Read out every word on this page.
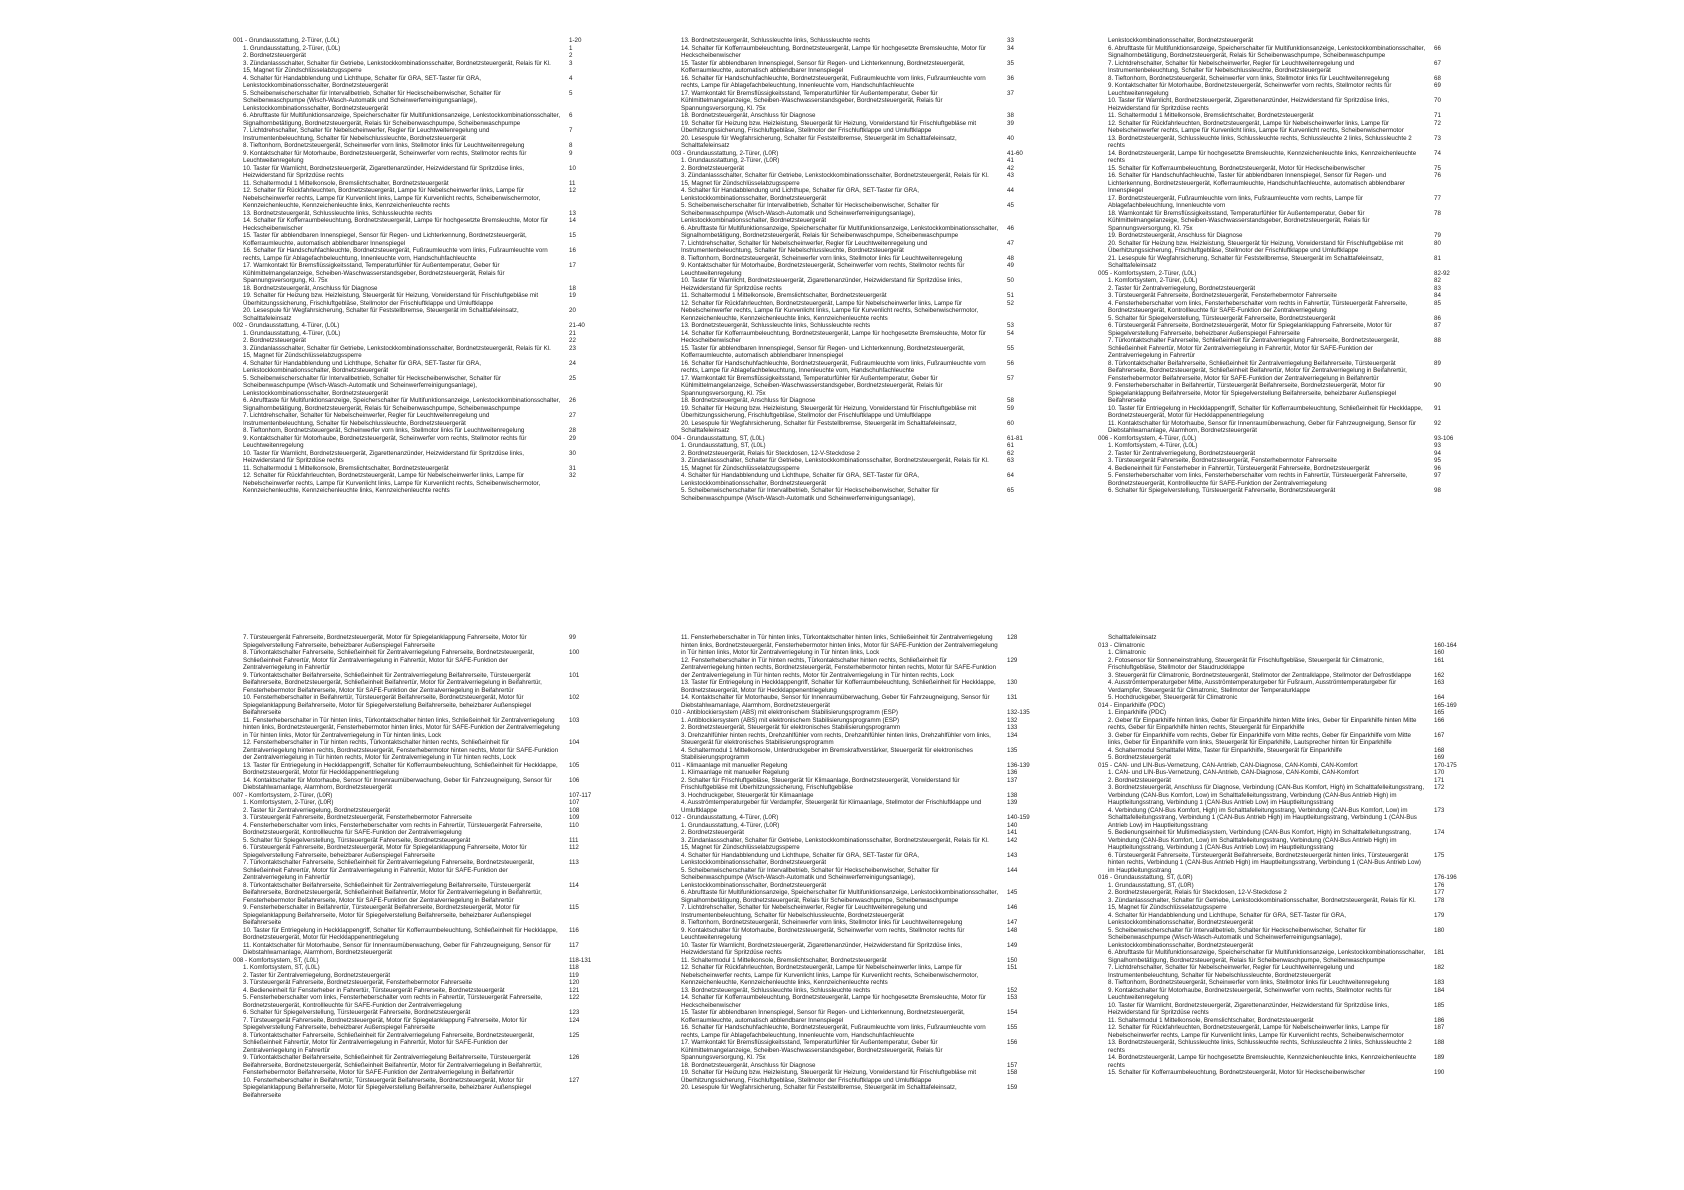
001 - Grundausstattung, 2-Türer, (L0L)	1-20
1. Grundausstattung, 2-Türer, (L0L)	1
2. Bordnetzsteuergerät	2
3. Zündanlassschalter, Schalter für Getriebe, Lenkstockkombinationsschalter, Bordnetzsteuergerät, Relais für Kl. 15, Magnet für Zündschlüsselabzugssperre
3
4. Schalter für Handabblendung und Lichthupe, Schalter für GRA, SET-Taster für GRA, Lenkstockkombinationsschalter, Bordnetzsteuergerät
4
5. Scheibenwischerschalter für Intervallbetrieb, Schalter für Heckscheibenwischer, Schalter für Scheibenwaschpumpe (Wisch-Wasch-Automatik und Scheinwerferreinigungsanlage), Lenkstockkombinationsschalter, Bordnetzsteuergerät
5
6. Abrufttaste für Multifunktionsanzeige, Speicherschalter für Multifunktionsanzeige, Lenkstockkombinationsschalter, Signalhornbetätigung, Bordnetzsteuergerät, Relais für Scheibenwaschpumpe, Scheibenwaschpumpe
6
7. Lichtdrehschalter, Schalter für Nebelscheinwerfer, Regler für Leuchtweitenregelung und Instrumentenbeleuchtung, Schalter für Nebelschlussleuchte, Bordnetzsteuergerät
7
8. Tieftonhorn, Bordnetzsteuergerät, Scheinwerfer vorn links, Stellmotor links für Leuchtweitenregelung	8
9. Kontaktschalter für Motorhaube, Bordnetzsteuergerät, Scheinwerfer vorn rechts, Stellmotor rechts für Leuchtweitenregelung
9
10. Taster für Warnlicht, Bordnetzsteuergerät, Zigarettenanzünder, Heizwiderstand für Spritzdüse links, Heizwiderstand für Spritzdüse rechts
10
11. Schaltermodul 1 Mittelkonsole, Bremslichtschalter, Bordnetzsteuergerät	11
12. Schalter für Rückfahrleuchten, Bordnetzsteuergerät, Lampe für Nebelscheinwerfer links, Lampe für Nebelscheinwerfer rechts, Lampe für Kurvenlicht links, Lampe für Kurvenlicht rechts, Scheibenwischermotor, Kennzeichenleuchte, Kennzeichenleuchte links, Kennzeichenleuchte rechts
12
13. Bordnetzsteuergerät, Schlussleuchte links, Schlussleuchte rechts	13
14. Schalter für Kofferraumbeleuchtung, Bordnetzsteuergerät, Lampe für hochgesetzte Bremsleuchte, Motor für Heckscheibenwischer
14
15. Taster für abblendbaren Innenspiegel, Sensor für Regen- und Lichterkennung, Bordnetzsteuergerät, Kofferraumleuchte, automatisch abblendbarer Innenspiegel
15
16. Schalter für Handschuhfachleuchte, Bordnetzsteuergerät, Fußraumleuchte vorn links, Fußraumleuchte vorn rechts, Lampe für Ablagefachbeleuchtung, Innenleuchte vorn, Handschuhfachleuchte
16
17. Warnkontakt für Bremsflüssigkeitsstand, Temperaturfühler für Außentemperatur, Geber für Kühlmittelmangelanzeige, Scheiben-Waschwasserstandsgeber, Bordnetzsteuergerät, Relais für Spannungsversorgung, Kl. 75x
17
18. Bordnetzsteuergerät, Anschluss für Diagnose	18
19. Schalter für Heizung bzw. Heizleistung, Steuergerät für Heizung, Vorwiderstand für Frischluftgebläse mit Überhitzungssicherung, Frischluftgebläse, Stellmotor der Frischluftklappe und Umluftklappe
19
20. Lesespule für Wegfahrsicherung, Schalter für Feststellbremse, Steuergerät im Schalttafeleinsatz, Schalttafeleinsatz
20
002 - Grundausstattung, 4-Türer, (L0L)	21-40
1. Grundausstattung, 4-Türer, (L0L)	21
2. Bordnetzsteuergerät	22
3. Zündanlassschalter, Schalter für Getriebe, Lenkstockkombinationsschalter, Bordnetzsteuergerät, Relais für Kl. 15, Magnet für Zündschlüsselabzugssperre
23
4. Schalter für Handabblendung und Lichthupe, Schalter für GRA, SET-Taster für GRA, Lenkstockkombinationsschalter, Bordnetzsteuergerät
24
5. Scheibenwischerschalter für Intervallbetrieb, Schalter für Heckscheibenwischer, Schalter für Scheibenwaschpumpe (Wisch-Wasch-Automatik und Scheinwerferreinigungsanlage), Lenkstockkombinationsschalter, Bordnetzsteuergerät
25
6. Abrufttaste für Multifunktionsanzeige, Speicherschalter für Multifunktionsanzeige, Lenkstockkombinationsschalter, Signalhornbetätigung, Bordnetzsteuergerät, Relais für Scheibenwaschpumpe, Scheibenwaschpumpe
26
7. Lichtdrehschalter, Schalter für Nebelscheinwerfer, Regler für Leuchtweitenregelung und Instrumentenbeleuchtung, Schalter für Nebelschlussleuchte, Bordnetzsteuergerät
27
8. Tieftonhorn, Bordnetzsteuergerät, Scheinwerfer vorn links, Stellmotor links für Leuchtweitenregelung	28
9. Kontaktschalter für Motorhaube, Bordnetzsteuergerät, Scheinwerfer vorn rechts, Stellmotor rechts für Leuchtweitenregelung
29
10. Taster für Warnlicht, Bordnetzsteuergerät, Zigarettenanzünder, Heizwiderstand für Spritzdüse links, Heizwiderstand für Spritzdüse rechts
30
11. Schaltermodul 1 Mittelkonsole, Bremslichtschalter, Bordnetzsteuergerät	31
12. Schalter für Rückfahrleuchten, Bordnetzsteuergerät, Lampe für Nebelscheinwerfer links, Lampe für Nebelscheinwerfer rechts, Lampe für Kurvenlicht links, Lampe für Kurvenlicht rechts, Scheibenwischermotor, Kennzeichenleuchte, Kennzeichenleuchte links, Kennzeichenleuchte rechts
32
13. Bordnetzsteuergerät, Schlussleuchte links, Schlussleuchte rechts	33
14. Schalter für Kofferraumbeleuchtung, Bordnetzsteuergerät, Lampe für hochgesetzte Bremsleuchte, Motor für Heckscheibenwischer
34
15. Taster für abblendbaren Innenspiegel, Sensor für Regen- und Lichterkennung, Bordnetzsteuergerät, Kofferraumleuchte, automatisch abblendbarer Innenspiegel
35
16. Schalter für Handschuhfachleuchte, Bordnetzsteuergerät, Fußraumleuchte vorn links, Fußraumleuchte vorn rechts, Lampe für Ablagefachbeleuchtung, Innenleuchte vorn, Handschuhfachleuchte
36
17. Warnkontakt für Bremsflüssigkeitsstand, Temperaturfühler für Außentemperatur, Geber für Kühlmittelmangelanzeige, Scheiben-Waschwasserstandsgeber, Bordnetzsteuergerät, Relais für Spannungsversorgung, Kl. 75x
37
18. Bordnetzsteuergerät, Anschluss für Diagnose	38
19. Schalter für Heizung bzw. Heizleistung, Steuergerät für Heizung, Vorwiderstand für Frischluftgebläse mit Überhitzungssicherung, Frischluftgebläse, Stellmotor der Frischluftklappe und Umluftklappe
39
20. Lesespule für Wegfahrsicherung, Schalter für Feststellbremse, Steuergerät im Schalttafeleinsatz, Schalttafeleinsatz
40
003 - Grundausstattung, 2-Türer, (L0R)	41-60
1. Grundausstattung, 2-Türer, (L0R)	41
2. Bordnetzsteuergerät	42
3. Zündanlassschalter, Schalter für Getriebe, Lenkstockkombinationsschalter, Bordnetzsteuergerät, Relais für Kl. 15, Magnet für Zündschlüsselabzugssperre
43
4. Schalter für Handabblendung und Lichthupe, Schalter für GRA, SET-Taster für GRA, Lenkstockkombinationsschalter, Bordnetzsteuergerät
44
5. Scheibenwischerschalter für Intervallbetrieb, Schalter für Heckscheibenwischer, Schalter für Scheibenwaschpumpe (Wisch-Wasch-Automatik und Scheinwerferreinigungsanlage), Lenkstockkombinationsschalter, Bordnetzsteuergerät
45
6. Abrufttaste für Multifunktionsanzeige, Speicherschalter für Multifunktionsanzeige, Lenkstockkombinationsschalter, Signalhornbetätigung, Bordnetzsteuergerät, Relais für Scheibenwaschpumpe, Scheibenwaschpumpe
46
7. Lichtdrehschalter, Schalter für Nebelscheinwerfer, Regler für Leuchtweitenregelung und Instrumentenbeleuchtung, Schalter für Nebelschlussleuchte, Bordnetzsteuergerät
47
8. Tieftonhorn, Bordnetzsteuergerät, Scheinwerfer vorn links, Stellmotor links für Leuchtweitenregelung	48
9. Kontaktschalter für Motorhaube, Bordnetzsteuergerät, Scheinwerfer vorn rechts, Stellmotor rechts für Leuchtweitenregelung
49
10. Taster für Warnlicht, Bordnetzsteuergerät, Zigarettenanzünder, Heizwiderstand für Spritzdüse links, Heizwiderstand für Spritzdüse rechts
50
11. Schaltermodul 1 Mittelkonsole, Bremslichtschalter, Bordnetzsteuergerät	51
12. Schalter für Rückfahrleuchten, Bordnetzsteuergerät, Lampe für Nebelscheinwerfer links, Lampe für Nebelscheinwerfer rechts, Lampe für Kurvenlicht links, Lampe für Kurvenlicht rechts, Scheibenwischermotor, Kennzeichenleuchte, Kennzeichenleuchte links, Kennzeichenleuchte rechts
52
13. Bordnetzsteuergerät, Schlussleuchte links, Schlussleuchte rechts	53
14. Schalter für Kofferraumbeleuchtung, Bordnetzsteuergerät, Lampe für hochgesetzte Bremsleuchte, Motor für Heckscheibenwischer
54
15. Taster für abblendbaren Innenspiegel, Sensor für Regen- und Lichterkennung, Bordnetzsteuergerät, Kofferraumleuchte, automatisch abblendbarer Innenspiegel
55
16. Schalter für Handschuhfachleuchte, Bordnetzsteuergerät, Fußraumleuchte vorn links, Fußraumleuchte vorn rechts, Lampe für Ablagefachbeleuchtung, Innenleuchte vorn, Handschuhfachleuchte
56
17. Warnkontakt für Bremsflüssigkeitsstand, Temperaturfühler für Außentemperatur, Geber für Kühlmittelmangelanzeige, Scheiben-Waschwasserstandsgeber, Bordnetzsteuergerät, Relais für Spannungsversorgung, Kl. 75x
57
18. Bordnetzsteuergerät, Anschluss für Diagnose	58
19. Schalter für Heizung bzw. Heizleistung, Steuergerät für Heizung, Vorwiderstand für Frischluftgebläse mit Überhitzungssicherung, Frischluftgebläse, Stellmotor der Frischluftklappe und Umluftklappe
59
20. Lesespule für Wegfahrsicherung, Schalter für Feststellbremse, Steuergerät im Schalttafeleinsatz, Schalttafeleinsatz
60
004 - Grundausstattung, ST, (L0L)	61-81
1. Grundausstattung, ST, (L0L)	61
2. Bordnetzsteuergerät, Relais für Steckdosen, 12-V-Steckdose 2	62
3. Zündanlassschalter, Schalter für Getriebe, Lenkstockkombinationsschalter, Bordnetzsteuergerät, Relais für Kl. 15, Magnet für Zündschlüsselabzugssperre
63
4. Schalter für Handabblendung und Lichthupe, Schalter für GRA, SET-Taster für GRA, Lenkstockkombinationsschalter, Bordnetzsteuergerät
64
5. Scheibenwischerschalter für Intervallbetrieb, Schalter für Heckscheibenwischer, Schalter für Scheibenwaschpumpe (Wisch-Wasch-Automatik und Scheinwerferreinigungsanlage),
65
Lenkstockkombinationsschalter, Bordnetzsteuergerät
6. Abrufttaste für Multifunktionsanzeige, Speicherschalter für Multifunktionsanzeige, Lenkstockkombinationsschalter, Signalhornbetätigung, Bordnetzsteuergerät, Relais für Scheibenwaschpumpe, Scheibenwaschpumpe
66
7. Lichtdrehschalter, Schalter für Nebelscheinwerfer, Regler für Leuchtweitenregelung und Instrumentenbeleuchtung, Schalter für Nebelschlussleuchte, Bordnetzsteuergerät
67
8. Tieftonhorn, Bordnetzsteuergerät, Scheinwerfer vorn links, Stellmotor links für Leuchtweitenregelung	68
9. Kontaktschalter für Motorhaube, Bordnetzsteuergerät, Scheinwerfer vorn rechts, Stellmotor rechts für Leuchtweitenregelung
69
10. Taster für Warnlicht, Bordnetzsteuergerät, Zigarettenanzünder, Heizwiderstand für Spritzdüse links, Heizwiderstand für Spritzdüse rechts
70
11. Schaltermodul 1 Mittelkonsole, Bremslichtschalter, Bordnetzsteuergerät	71
12. Schalter für Rückfahrleuchten, Bordnetzsteuergerät, Lampe für Nebelscheinwerfer links, Lampe für Nebelscheinwerfer rechts, Lampe für Kurvenlicht links, Lampe für Kurvenlicht rechts, Scheibenwischermotor
72
13. Bordnetzsteuergerät, Schlussleuchte links, Schlussleuchte rechts, Schlussleuchte 2 links, Schlussleuchte 2 rechts
73
14. Bordnetzsteuergerät, Lampe für hochgesetzte Bremsleuchte, Kennzeichenleuchte links, Kennzeichenleuchte rechts
74
15. Schalter für Kofferraumbeleuchtung, Bordnetzsteuergerät, Motor für Heckscheibenwischer	75
16. Schalter für Handschuhfachleuchte, Taster für abblendbaren Innenspiegel, Sensor für Regen- und Lichterkennung, Bordnetzsteuergerät, Kofferraumleuchte, Handschuhfachleuchte, automatisch abblendbarer Innenspiegel
76
17. Bordnetzsteuergerät, Fußraumleuchte vorn links, Fußraumleuchte vorn rechts, Lampe für Ablagefachbeleuchtung, Innenleuchte vorn
77
18. Warnkontakt für Bremsflüssigkeitsstand, Temperaturfühler für Außentemperatur, Geber für Kühlmittelmangelanzeige, Scheiben-Waschwasserstandsgeber, Bordnetzsteuergerät, Relais für Spannungsversorgung, Kl. 75x
78
19. Bordnetzsteuergerät, Anschluss für Diagnose	79
20. Schalter für Heizung bzw. Heizleistung, Steuergerät für Heizung, Vorwiderstand für Frischluftgebläse mit Überhitzungssicherung, Frischluftgebläse, Stellmotor der Frischluftklappe und Umluftklappe
80
21. Lesespule für Wegfahrsicherung, Schalter für Feststellbremse, Steuergerät im Schalttafeleinsatz, Schalttafeleinsatz
81
005 - Komfortsystem, 2-Türer, (L0L)	82-92
1. Komfortsystem, 2-Türer, (L0L)	82
2. Taster für Zentralverriegelung, Bordnetzsteuergerät	83
3. Türsteuergerät Fahrerseite, Bordnetzsteuergerät, Fensterhebermotor Fahrerseite	84
4. Fensterheberschalter vorn links, Fensterheberschalter vorn rechts in Fahrertür, Türsteuergerät Fahrerseite, Bordnetzsteuergerät, Kontrollleuchte für SAFE-Funktion der Zentralverriegelung
85
5. Schalter für Spiegelverstellung, Türsteuergerät Fahrerseite, Bordnetzsteuergerät	86
6. Türsteuergerät Fahrerseite, Bordnetzsteuergerät, Motor für Spiegelanklappung Fahrerseite, Motor für Spiegelverstellung Fahrerseite, beheizbarer Außenspiegel Fahrerseite
87
7. Türkontaktschalter Fahrerseite, Schließeinheit für Zentralverriegelung Fahrerseite, Bordnetzsteuergerät, Schließeinheit Fahrertür, Motor für Zentralverriegelung in Fahrertür, Motor für SAFE-Funktion der Zentralverriegelung in Fahrertür
88
8. Türkontaktschalter Beifahrerseite, Schließeinheit für Zentralverriegelung Beifahrerseite, Türsteuergerät Beifahrerseite, Bordnetzsteuergerät, Schließeinheit Beifahrertür, Motor für Zentralverriegelung in Beifahrertür, Fensterhebermotor Beifahrerseite, Motor für SAFE-Funktion der Zentralverriegelung in Beifahrertür
89
9. Fensterheberschalter in Beifahrertür, Türsteuergerät Beifahrerseite, Bordnetzsteuergerät, Motor für Spiegelanklappung Beifahrerseite, Motor für Spiegelverstellung Beifahrerseite, beheizbarer Außenspiegel Beifahrerseite
90
10. Taster für Entriegelung in Heckklappengriff, Schalter für Kofferraumbeleuchtung, Schließeinheit für Heckklappe, Bordnetzsteuergerät, Motor für Heckklappenentriegelung
91
11. Kontaktschalter für Motorhaube, Sensor für Innenraumüberwachung, Geber für Fahrzeugneigung, Sensor für Diebstahlwarnanlage, Alarmhorn, Bordnetzsteuergerät
92
006 - Komfortsystem, 4-Türer, (L0L)	93-106
1. Komfortsystem, 4-Türer, (L0L)	93
2. Taster für Zentralverriegelung, Bordnetzsteuergerät	94
3. Türsteuergerät Fahrerseite, Bordnetzsteuergerät, Fensterhebermotor Fahrerseite	95
4. Bedieneinheit für Fensterheber in Fahrertür, Türsteuergerät Fahrerseite, Bordnetzsteuergerät	96
5. Fensterheberschalter vorn links, Fensterheberschalter vorn rechts in Fahrertür, Türsteuergerät Fahrerseite, Bordnetzsteuergerät, Kontrollleuchte für SAFE-Funktion der Zentralverriegelung
97
6. Schalter für Spiegelverstellung, Türsteuergerät Fahrerseite, Bordnetzsteuergerät	98
7. Türsteuergerät Fahrerseite, Bordnetzsteuergerät, Motor für Spiegelanklappung Fahrerseite, Motor für Spiegelverstellung Fahrerseite, beheizbarer Außenspiegel Fahrerseite
99
8. Türkontaktschalter Fahrerseite, Schließeinheit für Zentralverriegelung Fahrerseite, Bordnetzsteuergerät, Schließeinheit Fahrertür, Motor für Zentralverriegelung in Fahrertür, Motor für SAFE-Funktion der Zentralverriegelung in Fahrertür
100
9. Türkontaktschalter Beifahrerseite, Schließeinheit für Zentralverriegelung Beifahrerseite, Türsteuergerät Beifahrerseite, Bordnetzsteuergerät, Schließeinheit Beifahrertür, Motor für Zentralverriegelung in Beifahrertür, Fensterhebermotor Beifahrerseite, Motor für SAFE-Funktion der Zentralverriegelung in Beifahrertür
101
10. Fensterheberschalter in Beifahrertür, Türsteuergerät Beifahrerseite, Bordnetzsteuergerät, Motor für Spiegelanklappung Beifahrerseite, Motor für Spiegelverstellung Beifahrerseite, beheizbarer Außenspiegel Beifahrerseite
102
11. Fensterheberschalter in Tür hinten links, Türkontaktschalter hinten links, Schließeinheit für Zentralverriegelung hinten links, Bordnetzsteuergerät, Fensterhebermotor hinten links, Motor für SAFE-Funktion der Zentralverriegelung in Tür hinten links, Motor für Zentralverriegelung in Tür hinten links, Lock
103
12. Fensterheberschalter in Tür hinten rechts, Türkontaktschalter hinten rechts, Schließeinheit für Zentralverriegelung hinten rechts, Bordnetzsteuergerät, Fensterhebermotor hinten rechts, Motor für SAFE-Funktion der Zentralverriegelung in Tür hinten rechts, Motor für Zentralverriegelung in Tür hinten rechts, Lock
104
13. Taster für Entriegelung in Heckklappengriff, Schalter für Kofferraumbeleuchtung, Schließeinheit für Heckklappe, Bordnetzsteuergerät, Motor für Heckklappenentriegelung
105
14. Kontaktschalter für Motorhaube, Sensor für Innenraumüberwachung, Geber für Fahrzeugneigung, Sensor für Diebstahlwarnanlage, Alarmhorn, Bordnetzsteuergerät
106
007 - Komfortsystem, 2-Türer, (L0R)	107-117
1. Komfortsystem, 2-Türer, (L0R)	107
2. Taster für Zentralverriegelung, Bordnetzsteuergerät	108
3. Türsteuergerät Fahrerseite, Bordnetzsteuergerät, Fensterhebermotor Fahrerseite	109
4. Fensterheberschalter vorn links, Fensterheberschalter vorn rechts in Fahrertür, Türsteuergerät Fahrerseite, Bordnetzsteuergerät, Kontrollleuchte für SAFE-Funktion der Zentralverriegelung
110
5. Schalter für Spiegelverstellung, Türsteuergerät Fahrerseite, Bordnetzsteuergerät	111
6. Türsteuergerät Fahrerseite, Bordnetzsteuergerät, Motor für Spiegelanklappung Fahrerseite, Motor für Spiegelverstellung Fahrerseite, beheizbarer Außenspiegel Fahrerseite
112
7. Türkontaktschalter Fahrerseite, Schließeinheit für Zentralverriegelung Fahrerseite, Bordnetzsteuergerät, Schließeinheit Fahrertür, Motor für Zentralverriegelung in Fahrertür, Motor für SAFE-Funktion der Zentralverriegelung in Fahrertür
113
8. Türkontaktschalter Beifahrerseite, Schließeinheit für Zentralverriegelung Beifahrerseite, Türsteuergerät Beifahrerseite, Bordnetzsteuergerät, Schließeinheit Beifahrertür, Motor für Zentralverriegelung in Beifahrertür, Fensterhebermotor Beifahrerseite, Motor für SAFE-Funktion der Zentralverriegelung in Beifahrertür
114
9. Fensterheberschalter in Beifahrertür, Türsteuergerät Beifahrerseite, Bordnetzsteuergerät, Motor für Spiegelanklappung Beifahrerseite, Motor für Spiegelverstellung Beifahrerseite, beheizbarer Außenspiegel Beifahrerseite
115
10. Taster für Entriegelung in Heckklappengriff, Schalter für Kofferraumbeleuchtung, Schließeinheit für Heckklappe, Bordnetzsteuergerät, Motor für Heckklappenentriegelung
116
11. Kontaktschalter für Motorhaube, Sensor für Innenraumüberwachung, Geber für Fahrzeugneigung, Sensor für Diebstahlwarnanlage, Alarmhorn, Bordnetzsteuergerät
117
008 - Komfortsystem, ST, (L0L)	118-131
1. Komfortsystem, ST, (L0L)	118
2. Taster für Zentralverriegelung, Bordnetzsteuergerät	119
3. Türsteuergerät Fahrerseite, Bordnetzsteuergerät, Fensterhebermotor Fahrerseite	120
4. Bedieneinheit für Fensterheber in Fahrertür, Türsteuergerät Fahrerseite, Bordnetzsteuergerät	121
5. Fensterheberschalter vorn links, Fensterheberschalter vorn rechts in Fahrertür, Türsteuergerät Fahrerseite, Bordnetzsteuergerät, Kontrollleuchte für SAFE-Funktion der Zentralverriegelung
122
6. Schalter für Spiegelverstellung, Türsteuergerät Fahrerseite, Bordnetzsteuergerät	123
7. Türsteuergerät Fahrerseite, Bordnetzsteuergerät, Motor für Spiegelanklappung Fahrerseite, Motor für Spiegelverstellung Fahrerseite, beheizbarer Außenspiegel Fahrerseite
124
8. Türkontaktschalter Fahrerseite, Schließeinheit für Zentralverriegelung Fahrerseite, Bordnetzsteuergerät, Schließeinheit Fahrertür, Motor für Zentralverriegelung in Fahrertür, Motor für SAFE-Funktion der Zentralverriegelung in Fahrertür
125
9. Türkontaktschalter Beifahrerseite, Schließeinheit für Zentralverriegelung Beifahrerseite, Türsteuergerät Beifahrerseite, Bordnetzsteuergerät, Schließeinheit Beifahrertür, Motor für Zentralverriegelung in Beifahrertür, Fensterhebermotor Beifahrerseite, Motor für SAFE-Funktion der Zentralverriegelung in Beifahrertür
126
10. Fensterheberschalter in Beifahrertür, Türsteuergerät Beifahrerseite, Bordnetzsteuergerät, Motor für Spiegelanklappung Beifahrerseite, Motor für Spiegelverstellung Beifahrerseite, beheizbarer Außenspiegel Beifahrerseite
127
11. Fensterheberschalter in Tür hinten links, Türkontaktschalter hinten links, Schließeinheit für Zentralverriegelung hinten links, Bordnetzsteuergerät, Fensterhebermotor hinten links, Motor für SAFE-Funktion der Zentralverriegelung in Tür hinten links, Motor für Zentralverriegelung in Tür hinten links, Lock
128
12. Fensterheberschalter in Tür hinten rechts, Türkontaktschalter hinten rechts, Schließeinheit für Zentralverriegelung hinten rechts, Bordnetzsteuergerät, Fensterhebermotor hinten rechts, Motor für SAFE-Funktion der Zentralverriegelung in Tür hinten rechts, Motor für Zentralverriegelung in Tür hinten rechts, Lock
129
13. Taster für Entriegelung in Heckklappengriff, Schalter für Kofferraumbeleuchtung, Schließeinheit für Heckklappe, Bordnetzsteuergerät, Motor für Heckklappenentriegelung
130
14. Kontaktschalter für Motorhaube, Sensor für Innenraumüberwachung, Geber für Fahrzeugneigung, Sensor für Diebstahlwarnanlage, Alarmhorn, Bordnetzsteuergerät
131
010 - Antiblockiersystem (ABS) mit elektronischem Stabilisierungsprogramm (ESP)	132-135
1. Antiblockiersystem (ABS) mit elektronischem Stabilisierungsprogramm (ESP)	132
2. Bordnetzsteuergerät, Steuergerät für elektronisches Stabilisierungsprogramm	133
3. Drehzahlfühler hinten rechts, Drehzahlfühler vorn rechts, Drehzahlfühler hinten links, Drehzahlfühler vorn links, Steuergerät für elektronisches Stabilisierungsprogramm
134
4. Schaltermodul 1 Mittelkonsole, Unterdruckgeber im Bremskraftverstärker, Steuergerät für elektronisches Stabilisierungsprogramm
135
011 - Klimaanlage mit manueller Regelung	136-139
1. Klimaanlage mit manueller Regelung	136
2. Schalter für Frischluftgebläse, Steuergerät für Klimaanlage, Bordnetzsteuergerät, Vorwiderstand für Frischluftgebläse mit Überhitzungssicherung, Frischluftgebläse
137
3. Hochdruckgeber, Steuergerät für Klimaanlage	138
4. Ausströmtemperaturgeber für Verdampfer, Steuergerät für Klimaanlage, Stellmotor der Frischluftklappe und Umluftklappe
139
012 - Grundausstattung, 4-Türer, (L0R)	140-159
1. Grundausstattung, 4-Türer, (L0R)	140
2. Bordnetzsteuergerät	141
3. Zündanlassschalter, Schalter für Getriebe, Lenkstockkombinationsschalter, Bordnetzsteuergerät, Relais für Kl. 15, Magnet für Zündschlüsselabzugssperre
142
4. Schalter für Handabblendung und Lichthupe, Schalter für GRA, SET-Taster für GRA, Lenkstockkombinationsschalter, Bordnetzsteuergerät
143
5. Scheibenwischerschalter für Intervallbetrieb, Schalter für Heckscheibenwischer, Schalter für Scheibenwaschpumpe (Wisch-Wasch-Automatik und Scheinwerferreinigungsanlage), Lenkstockkombinationsschalter, Bordnetzsteuergerät
144
6. Abrufttaste für Multifunktionsanzeige, Speicherschalter für Multifunktionsanzeige, Lenkstockkombinationsschalter, Signalhornbetätigung, Bordnetzsteuergerät, Relais für Scheibenwaschpumpe, Scheibenwaschpumpe
145
7. Lichtdrehschalter, Schalter für Nebelscheinwerfer, Regler für Leuchtweitenregelung und Instrumentenbeleuchtung, Schalter für Nebelschlussleuchte, Bordnetzsteuergerät
146
8. Tieftonhorn, Bordnetzsteuergerät, Scheinwerfer vorn links, Stellmotor links für Leuchtweitenregelung	147
9. Kontaktschalter für Motorhaube, Bordnetzsteuergerät, Scheinwerfer vorn rechts, Stellmotor rechts für Leuchtweitenregelung
148
10. Taster für Warnlicht, Bordnetzsteuergerät, Zigarettenanzünder, Heizwiderstand für Spritzdüse links, Heizwiderstand für Spritzdüse rechts
149
11. Schaltermodul 1 Mittelkonsole, Bremslichtschalter, Bordnetzsteuergerät	150
12. Schalter für Rückfahrleuchten, Bordnetzsteuergerät, Lampe für Nebelscheinwerfer links, Lampe für Nebelscheinwerfer rechts, Lampe für Kurvenlicht links, Lampe für Kurvenlicht rechts, Scheibenwischermotor, Kennzeichenleuchte, Kennzeichenleuchte links, Kennzeichenleuchte rechts
151
13. Bordnetzsteuergerät, Schlussleuchte links, Schlussleuchte rechts	152
14. Schalter für Kofferraumbeleuchtung, Bordnetzsteuergerät, Lampe für hochgesetzte Bremsleuchte, Motor für Heckscheibenwischer
153
15. Taster für abblendbaren Innenspiegel, Sensor für Regen- und Lichterkennung, Bordnetzsteuergerät, Kofferraumleuchte, automatisch abblendbarer Innenspiegel
154
16. Schalter für Handschuhfachleuchte, Bordnetzsteuergerät, Fußraumleuchte vorn links, Fußraumleuchte vorn rechts, Lampe für Ablagefachbeleuchtung, Innenleuchte vorn, Handschuhfachleuchte
155
17. Warnkontakt für Bremsflüssigkeitsstand, Temperaturfühler für Außentemperatur, Geber für Kühlmittelmangelanzeige, Scheiben-Waschwasserstandsgeber, Bordnetzsteuergerät, Relais für Spannungsversorgung, Kl. 75x
156
18. Bordnetzsteuergerät, Anschluss für Diagnose	157
19. Schalter für Heizung bzw. Heizleistung, Steuergerät für Heizung, Vorwiderstand für Frischluftgebläse mit Überhitzungssicherung, Frischluftgebläse, Stellmotor der Frischluftklappe und Umluftklappe
158
20. Lesespule für Wegfahrsicherung, Schalter für Feststellbremse, Steuergerät im Schalttafeleinsatz,	159
Schalttafeleinsatz
013 - Climatronic	160-164
1. Climatronic	160
2. Fotosensor für Sonneneinstrahlung, Steuergerät für Frischluftgebläse, Steuergerät für Climatronic, Frischluftgebläse, Stellmotor der Staudruckklappe
161
3. Steuergerät für Climatronic, Bordnetzsteuergerät, Stellmotor der Zentralklappe, Stellmotor der Defrostklappe	162
4. Ausströmtemperaturgeber Mitte, Ausströmtemperaturgeber für Fußraum, Ausströmtemperaturgeber für Verdampfer, Steuergerät für Climatronic, Stellmotor der Temperaturklappe
163
5. Hochdruckgeber, Steuergerät für Climatronic	164
014 - Einparkhilfe (PDC)	165-169
1. Einparkhilfe (PDC)	165
2. Geber für Einparkhilfe hinten links, Geber für Einparkhilfe hinten Mitte links, Geber für Einparkhilfe hinten Mitte rechts, Geber für Einparkhilfe hinten rechts, Steuergerät für Einparkhilfe
166
3. Geber für Einparkhilfe vorn rechts, Geber für Einparkhilfe vorn Mitte rechts, Geber für Einparkhilfe vorn Mitte links, Geber für Einparkhilfe vorn links, Steuergerät für Einparkhilfe, Lautsprecher hinten für Einparkhilfe
167
4. Schaltermodul Schalttafel Mitte, Taster für Einparkhilfe, Steuergerät für Einparkhilfe	168
5. Bordnetzsteuergerät	169
015 - CAN- und LIN-Bus-Vernetzung, CAN-Antrieb, CAN-Diagnose, CAN-Kombi, CAN-Komfort	170-175
1. CAN- und LIN-Bus-Vernetzung, CAN-Antrieb, CAN-Diagnose, CAN-Kombi, CAN-Komfort	170
2. Bordnetzsteuergerät	171
3. Bordnetzsteuergerät, Anschluss für Diagnose, Verbindung (CAN-Bus Komfort, High) im Schalttafelleitungsstrang, Verbindung (CAN-Bus Komfort, Low) im Schalttafelleitungsstrang, Verbindung (CAN-Bus Antrieb High) im Hauptleitungsstrang, Verbindung 1 (CAN-Bus Antrieb Low) im Hauptleitungsstrang
172
4. Verbindung (CAN-Bus Komfort, High) im Schalttafelleitungsstrang, Verbindung (CAN-Bus Komfort, Low) im Schalttafelleitungsstrang, Verbindung 1 (CAN-Bus Antrieb High) im Hauptleitungsstrang, Verbindung 1 (CAN-Bus Antrieb Low) im Hauptleitungsstrang
173
5. Bedienungseinheit für Multimediasystem, Verbindung (CAN-Bus Komfort, High) im Schalttafelleitungsstrang, Verbindung (CAN-Bus Komfort, Low) im Schalttafelleitungsstrang, Verbindung (CAN-Bus Antrieb High) im Hauptleitungsstrang, Verbindung 1 (CAN-Bus Antrieb Low) im Hauptleitungsstrang
174
6. Türsteuergerät Fahrerseite, Türsteuergerät Beifahrerseite, Bordnetzsteuergerät hinten links, Türsteuergerät hinten rechts, Verbindung 1 (CAN-Bus Antrieb High) im Hauptleitungsstrang, Verbindung 1 (CAN-Bus Antrieb Low) im Hauptleitungsstrang
175
016 - Grundausstattung, ST, (L0R)	176-196
1. Grundausstattung, ST, (L0R)	176
2. Bordnetzsteuergerät, Relais für Steckdosen, 12-V-Steckdose 2	177
3. Zündanlassschalter, Schalter für Getriebe, Lenkstockkombinationsschalter, Bordnetzsteuergerät, Relais für Kl. 15, Magnet für Zündschlüsselabzugssperre
178
4. Schalter für Handabblendung und Lichthupe, Schalter für GRA, SET-Taster für GRA, Lenkstockkombinationsschalter, Bordnetzsteuergerät
179
5. Scheibenwischerschalter für Intervallbetrieb, Schalter für Heckscheibenwischer, Schalter für Scheibenwaschpumpe (Wisch-Wasch-Automatik und Scheinwerferreinigungsanlage), Lenkstockkombinationsschalter, Bordnetzsteuergerät
180
6. Abrufttaste für Multifunktionsanzeige, Speicherschalter für Multifunktionsanzeige, Lenkstockkombinationsschalter, Signalhornbetätigung, Bordnetzsteuergerät, Relais für Scheibenwaschpumpe, Scheibenwaschpumpe
181
7. Lichtdrehschalter, Schalter für Nebelscheinwerfer, Regler für Leuchtweitenregelung und Instrumentenbeleuchtung, Schalter für Nebelschlussleuchte, Bordnetzsteuergerät
182
8. Tieftonhorn, Bordnetzsteuergerät, Scheinwerfer vorn links, Stellmotor links für Leuchtweitenregelung	183
9. Kontaktschalter für Motorhaube, Bordnetzsteuergerät, Scheinwerfer vorn rechts, Stellmotor rechts für Leuchtweitenregelung
184
10. Taster für Warnlicht, Bordnetzsteuergerät, Zigarettenanzünder, Heizwiderstand für Spritzdüse links, Heizwiderstand für Spritzdüse rechts
185
11. Schaltermodul 1 Mittelkonsole, Bremslichtschalter, Bordnetzsteuergerät	186
12. Schalter für Rückfahrleuchten, Bordnetzsteuergerät, Lampe für Nebelscheinwerfer links, Lampe für Nebelscheinwerfer rechts, Lampe für Kurvenlicht links, Lampe für Kurvenlicht rechts, Scheibenwischermotor
187
13. Bordnetzsteuergerät, Schlussleuchte links, Schlussleuchte rechts, Schlussleuchte 2 links, Schlussleuchte 2 rechts
188
14. Bordnetzsteuergerät, Lampe für hochgesetzte Bremsleuchte, Kennzeichenleuchte links, Kennzeichenleuchte rechts
189
15. Schalter für Kofferraumbeleuchtung, Bordnetzsteuergerät, Motor für Heckscheibenwischer	190
